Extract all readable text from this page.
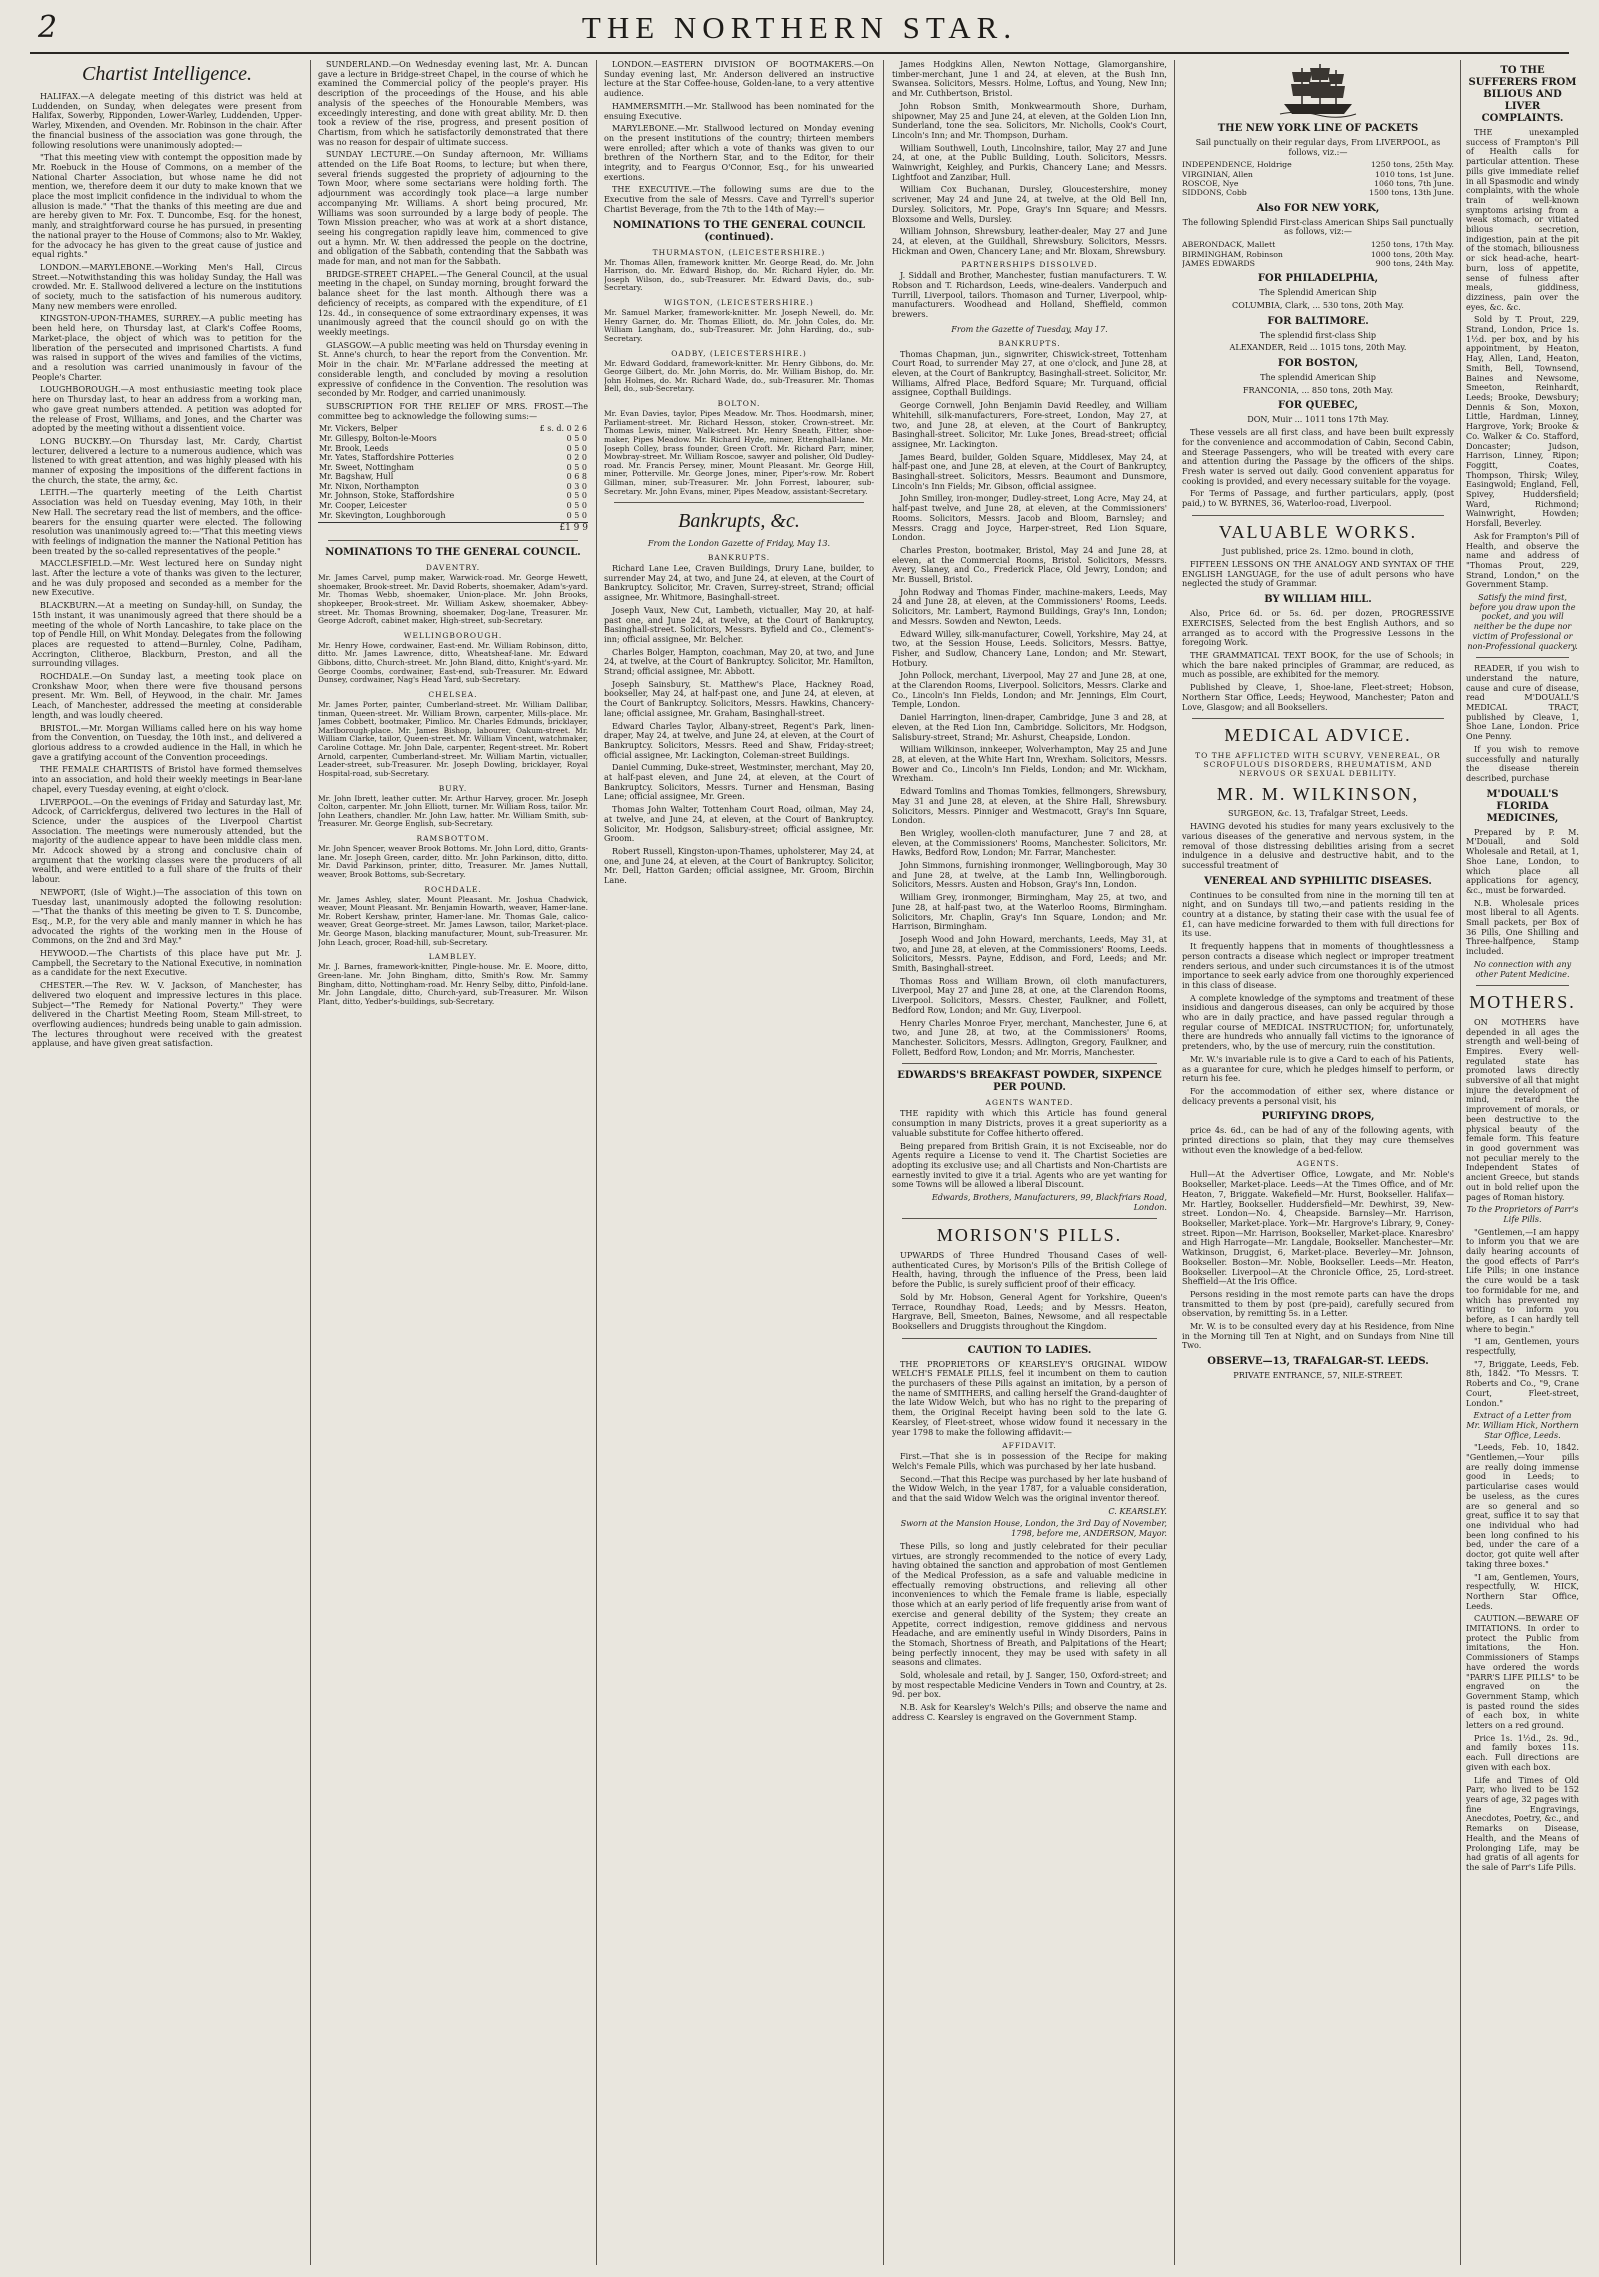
2	THE NORTHERN STAR.
Chartist Intelligence.

HALIFAX.—A delegate meeting of this district was held at Luddenden, on Sunday, when delegates were present from Halifax, Sowerby, Ripponden, Lower-Warley, Luddenden, Upper-Warley, Mixenden, and Ovenden. Mr. Robinson in the chair. After the financial business of the association was gone through, the following resolutions were unanimously adopted:—

"That this meeting view with contempt the opposition made by Mr. Roebuck in the House of Commons, on a member of the National Charter Association, but whose name he did not mention, we, therefore deem it our duty to make known that we place the most implicit confidence in the individual to whom the allusion is made." "That the thanks of this meeting are due and are hereby given to Mr. Fox. T. Duncombe, Esq. for the honest, manly, and straightforward course he has pursued, in presenting the national prayer to the House of Commons; also to Mr. Wakley, for the advocacy he has given to the great cause of justice and equal rights."

LONDON.—MARYLEBONE.—Working Men's Hall, Circus Street.—Notwithstanding this was holiday Sunday, the Hall was crowded. Mr. E. Stallwood delivered a lecture on the institutions of society, much to the satisfaction of his numerous auditory. Many new members were enrolled.

KINGSTON-UPON-THAMES, SURREY.—A public meeting has been held here, on Thursday last, at Clark's Coffee Rooms, Market-place, the object of which was to petition for the liberation of the persecuted and imprisoned Chartists. A fund was raised in support of the wives and families of the victims, and a resolution was carried unanimously in favour of the People's Charter.

LOUGHBOROUGH.—A most enthusiastic meeting took place here on Thursday last, to hear an address from a working man, who gave great numbers attended. A petition was adopted for the release of Frost, Williams, and Jones, and the Charter was adopted by the meeting without a dissentient voice.

LONG BUCKBY.—On Thursday last, Mr. Cardy, Chartist lecturer, delivered a lecture to a numerous audience, which was listened to with great attention, and was highly pleased with his manner of exposing the impositions of the different factions in the church, the state, the army, &c.

LEITH.—The quarterly meeting of the Leith Chartist Association was held on Tuesday evening, May 10th, in their New Hall. The secretary read the list of members, and the office-bearers for the ensuing quarter were elected. The following resolution was unanimously agreed to:—"That this meeting views with feelings of indignation the manner the National Petition has been treated by the so-called representatives of the people."

MACCLESFIELD.—Mr. West lectured here on Sunday night last. After the lecture a vote of thanks was given to the lecturer, and he was duly proposed and seconded as a member for the new Executive.

BLACKBURN.—At a meeting on Sunday-hill, on Sunday, the 15th instant, it was unanimously agreed that there should be a meeting of the whole of North Lancashire, to take place on the top of Pendle Hill, on Whit Monday. Delegates from the following places are requested to attend—Burnley, Colne, Padiham, Accrington, Clitheroe, Blackburn, Preston, and all the surrounding villages.

ROCHDALE.—On Sunday last, a meeting took place on Cronkshaw Moor, when there were five thousand persons present. Mr. Wm. Bell, of Heywood, in the chair. Mr. James Leach, of Manchester, addressed the meeting at considerable length, and was loudly cheered.

BRISTOL.—Mr. Morgan Williams called here on his way home from the Convention, on Tuesday, the 10th inst., and delivered a glorious address to a crowded audience in the Hall, in which he gave a gratifying account of the Convention proceedings.

THE FEMALE CHARTISTS of Bristol have formed themselves into an association, and hold their weekly meetings in Bear-lane chapel, every Tuesday evening, at eight o'clock.

LIVERPOOL.—On the evenings of Friday and Saturday last, Mr. Adcock, of Carrickfergus, delivered two lectures in the Hall of Science, under the auspices of the Liverpool Chartist Association. The meetings were numerously attended, but the majority of the audience appear to have been middle class men. Mr. Adcock showed by a strong and conclusive chain of argument that the working classes were the producers of all wealth, and were entitled to a full share of the fruits of their labour.

NEWPORT, (Isle of Wight.)—The association of this town on Tuesday last, unanimously adopted the following resolution:—"That the thanks of this meeting be given to T. S. Duncombe, Esq., M.P., for the very able and manly manner in which he has advocated the rights of the working men in the House of Commons, on the 2nd and 3rd May."

HEYWOOD.—The Chartists of this place have put Mr. J. Campbell, the Secretary to the National Executive, in nomination as a candidate for the next Executive.

CHESTER.—The Rev. W. V. Jackson, of Manchester, has delivered two eloquent and impressive lectures in this place. Subject—"The Remedy for National Poverty." They were delivered in the Chartist Meeting Room, Steam Mill-street, to overflowing audiences; hundreds being unable to gain admission. The lectures throughout were received with the greatest applause, and have given great satisfaction.

SUNDERLAND.—On Wednesday evening last, Mr. A. Duncan gave a lecture in Bridge-street Chapel, in the course of which he examined the Commercial policy of the people's prayer. His description of the proceedings of the House, and his able analysis of the speeches of the Honourable Members, was exceedingly interesting, and done with great ability. Mr. D. then took a review of the rise, progress, and present position of Chartism, from which he satisfactorily demonstrated that there was no reason for despair of ultimate success.

SUNDAY LECTURE.—On Sunday afternoon, Mr. Williams attended on the Life Boat Rooms, to lecture; but when there, several friends suggested the propriety of adjourning to the Town Moor, where some sectarians were holding forth. The adjournment was accordingly took place—a large number accompanying Mr. Williams. A short being procured, Mr. Williams was soon surrounded by a large body of people. The Town Mission preacher, who was at work at a short distance, seeing his congregation rapidly leave him, commenced to give out a hymn. Mr. W. then addressed the people on the doctrine, and obligation of the Sabbath, contending that the Sabbath was made for man, and not man for the Sabbath.

BRIDGE-STREET CHAPEL.—The General Council, at the usual meeting in the chapel, on Sunday morning, brought forward the balance sheet for the last month. Although there was a deficiency of receipts, as compared with the expenditure, of £1 12s. 4d., in consequence of some extraordinary expenses, it was unanimously agreed that the council should go on with the weekly meetings.

GLASGOW.—A public meeting was held on Thursday evening in St. Anne's church, to hear the report from the Convention. Mr. Moir in the chair. Mr. M'Farlane addressed the meeting at considerable length, and concluded by moving a resolution expressive of confidence in the Convention. The resolution was seconded by Mr. Rodger, and carried unanimously.

SUBSCRIPTION FOR THE RELIEF OF MRS. FROST.—The committee beg to acknowledge the following sums:—

Mr. Vickers, Belper	£ s. d. 0 2 6
Mr. Gillespy, Bolton-le-Moors	0 5 0
Mr. Brook, Leeds	0 5 0
Mr. Yates, Staffordshire Potteries	0 2 0
Mr. Sweet, Nottingham	0 5 0
Mr. Bagshaw, Hull	0 6 8
Mr. Nixon, Northampton	0 3 0
Mr. Johnson, Stoke, Staffordshire	0 5 0
Mr. Cooper, Leicester	0 5 0
Mr. Skevington, Loughborough	0 5 0
£1 9 9
NOMINATIONS TO THE GENERAL COUNCIL.
DAVENTRY.
Mr. James Carvel, pump maker, Warwick-road. Mr. George Hewett, shoemaker, Brook-street. Mr. David Roberts, shoemaker, Adam's-yard. Mr. Thomas Webb, shoemaker, Union-place. Mr. John Brooks, shopkeeper, Brook-street. Mr. William Askew, shoemaker, Abbey-street. Mr. Thomas Browning, shoemaker, Dog-lane, Treasurer. Mr. George Adcroft, cabinet maker, High-street, sub-Secretary.
WELLINGBOROUGH.
Mr. Henry Howe, cordwainer, East-end. Mr. William Robinson, ditto, ditto. Mr. James Lawrence, ditto, Wheatsheaf-lane. Mr. Edward Gibbons, ditto, Church-street. Mr. John Bland, ditto, Knight's-yard. Mr. George Coombs, cordwainer, East-end, sub-Treasurer. Mr. Edward Dunsey, cordwainer, Nag's Head Yard, sub-Secretary.
CHELSEA.
Mr. James Porter, painter, Cumberland-street. Mr. William Dallibar, tinman, Queen-street. Mr. William Brown, carpenter, Mills-place. Mr. James Cobbett, bootmaker, Pimlico. Mr. Charles Edmunds, bricklayer, Marlborough-place. Mr. James Bishop, labourer, Oakum-street. Mr. William Clarke, tailor, Queen-street. Mr. William Vincent, watchmaker, Caroline Cottage. Mr. John Dale, carpenter, Regent-street. Mr. Robert Arnold, carpenter, Cumberland-street. Mr. William Martin, victualler, Leader-street, sub-Treasurer. Mr. Joseph Dowling, bricklayer, Royal Hospital-road, sub-Secretary.
BURY.
Mr. John Ibrett, leather cutter. Mr. Arthur Harvey, grocer. Mr. Joseph Colton, carpenter. Mr. John Elliott, turner. Mr. William Ross, tailor. Mr. John Leathers, chandler. Mr. John Law, hatter. Mr. William Smith, sub-Treasurer. Mr. George English, sub-Secretary.
RAMSBOTTOM.
Mr. John Spencer, weaver Brook Bottoms. Mr. John Lord, ditto, Grants-lane. Mr. Joseph Green, carder, ditto. Mr. John Parkinson, ditto, ditto. Mr. David Parkinson, printer, ditto, Treasurer. Mr. James Nuttall, weaver, Brook Bottoms, sub-Secretary.
ROCHDALE.
Mr. James Ashley, slater, Mount Pleasant. Mr. Joshua Chadwick, weaver, Mount Pleasant. Mr. Benjamin Howarth, weaver, Hamer-lane. Mr. Robert Kershaw, printer, Hamer-lane. Mr. Thomas Gale, calico-weaver, Great George-street. Mr. James Lawson, tailor, Market-place. Mr. George Mason, blacking manufacturer, Mount, sub-Treasurer. Mr. John Leach, grocer, Road-hill, sub-Secretary.
LAMBLEY.
Mr. J. Barnes, framework-knitter, Pingle-house. Mr. E. Moore, ditto, Green-lane. Mr. John Bingham, ditto, Smith's Row. Mr. Sammy Bingham, ditto, Nottingham-road. Mr. Henry Selby, ditto, Pinfold-lane. Mr. John Langdale, ditto, Church-yard, sub-Treasurer. Mr. Wilson Plant, ditto, Yedber's-buildings, sub-Secretary.

LONDON.—EASTERN DIVISION OF BOOTMAKERS.—On Sunday evening last, Mr. Anderson delivered an instructive lecture at the Star Coffee-house, Golden-lane, to a very attentive audience.

HAMMERSMITH.—Mr. Stallwood has been nominated for the ensuing Executive.

MARYLEBONE.—Mr. Stallwood lectured on Monday evening on the present institutions of the country; thirteen members were enrolled; after which a vote of thanks was given to our brethren of the Northern Star, and to the Editor, for their integrity, and to Feargus O'Connor, Esq., for his unwearied exertions.

THE EXECUTIVE.—The following sums are due to the Executive from the sale of Messrs. Cave and Tyrrell's superior Chartist Beverage, from the 7th to the 14th of May:—

NOMINATIONS TO THE GENERAL COUNCIL (continued).
THURMASTON, (LEICESTERSHIRE.)
Mr. Thomas Allen, framework knitter. Mr. George Read, do. Mr. John Harrison, do. Mr. Edward Bishop, do. Mr. Richard Hyler, do. Mr. Joseph Wilson, do., sub-Treasurer. Mr. Edward Davis, do., sub-Secretary.
WIGSTON, (LEICESTERSHIRE.)
Mr. Samuel Marker, framework-knitter. Mr. Joseph Newell, do. Mr. Henry Garner, do. Mr. Thomas Elliott, do. Mr. John Coles, do. Mr. William Langham, do., sub-Treasurer. Mr. John Harding, do., sub-Secretary.
OADBY, (LEICESTERSHIRE.)
Mr. Edward Goddard, framework-knitter. Mr. Henry Gibbons, do. Mr. George Gilbert, do. Mr. John Morris, do. Mr. William Bishop, do. Mr. John Holmes, do. Mr. Richard Wade, do., sub-Treasurer. Mr. Thomas Bell, do., sub-Secretary.
BOLTON.
Mr. Evan Davies, taylor, Pipes Meadow. Mr. Thos. Hoodmarsh, miner, Parliament-street. Mr. Richard Hesson, stoker, Crown-street. Mr. Thomas Lewis, miner, Walk-street. Mr. Henry Sneath, Fitter, shoe-maker, Pipes Meadow. Mr. Richard Hyde, miner, Ettenghall-lane. Mr. Joseph Colley, brass founder, Green Croft. Mr. Richard Parr, miner, Mowbray-street. Mr. William Roscoe, sawyer and polisher, Old Dudley-road. Mr. Francis Persey, miner, Mount Pleasant. Mr. George Hill, miner, Potterville. Mr. George Jones, miner, Piper's-row. Mr. Robert Gillman, miner, sub-Treasurer. Mr. John Forrest, labourer, sub-Secretary. Mr. John Evans, miner, Pipes Meadow, assistant-Secretary.
Bankrupts, &c.
From the London Gazette of Friday, May 13.
BANKRUPTS.

Richard Lane Lee, Craven Buildings, Drury Lane, builder, to surrender May 24, at two, and June 24, at eleven, at the Court of Bankruptcy. Solicitor, Mr. Craven, Surrey-street, Strand; official assignee, Mr. Whitmore, Basinghall-street.

Joseph Vaux, New Cut, Lambeth, victualler, May 20, at half-past one, and June 24, at twelve, at the Court of Bankruptcy, Basinghall-street. Solicitors, Messrs. Byfield and Co., Clement's-inn; official assignee, Mr. Belcher.

Charles Bolger, Hampton, coachman, May 20, at two, and June 24, at twelve, at the Court of Bankruptcy. Solicitor, Mr. Hamilton, Strand; official assignee, Mr. Abbott.

Joseph Sainsbury, St. Matthew's Place, Hackney Road, bookseller, May 24, at half-past one, and June 24, at eleven, at the Court of Bankruptcy. Solicitors, Messrs. Hawkins, Chancery-lane; official assignee, Mr. Graham, Basinghall-street.

Edward Charles Taylor, Albany-street, Regent's Park, linen-draper, May 24, at twelve, and June 24, at eleven, at the Court of Bankruptcy. Solicitors, Messrs. Reed and Shaw, Friday-street; official assignee, Mr. Lackington, Coleman-street Buildings.

Daniel Cumming, Duke-street, Westminster, merchant, May 20, at half-past eleven, and June 24, at eleven, at the Court of Bankruptcy. Solicitors, Messrs. Turner and Hensman, Basing Lane; official assignee, Mr. Green.

Thomas John Walter, Tottenham Court Road, oilman, May 24, at twelve, and June 24, at eleven, at the Court of Bankruptcy. Solicitor, Mr. Hodgson, Salisbury-street; official assignee, Mr. Groom.

Robert Russell, Kingston-upon-Thames, upholsterer, May 24, at one, and June 24, at eleven, at the Court of Bankruptcy. Solicitor, Mr. Dell, Hatton Garden; official assignee, Mr. Groom, Birchin Lane.

James Hodgkins Allen, Newton Nottage, Glamorganshire, timber-merchant, June 1 and 24, at eleven, at the Bush Inn, Swansea. Solicitors, Messrs. Holme, Loftus, and Young, New Inn; and Mr. Cuthbertson, Bristol.

John Robson Smith, Monkwearmouth Shore, Durham, shipowner, May 25 and June 24, at eleven, at the Golden Lion Inn, Sunderland, tone the sea. Solicitors, Mr. Nicholls, Cook's Court, Lincoln's Inn; and Mr. Thompson, Durham.

William Southwell, Louth, Lincolnshire, tailor, May 27 and June 24, at one, at the Public Building, Louth. Solicitors, Messrs. Wainwright, Keighley, and Purkis, Chancery Lane; and Messrs. Lightfoot and Zanzibar, Hull.

William Cox Buchanan, Dursley, Gloucestershire, money scrivener, May 24 and June 24, at twelve, at the Old Bell Inn, Dursley. Solicitors, Mr. Pope, Gray's Inn Square; and Messrs. Bloxsome and Wells, Dursley.

William Johnson, Shrewsbury, leather-dealer, May 27 and June 24, at eleven, at the Guildhall, Shrewsbury. Solicitors, Messrs. Hickman and Owen, Chancery Lane; and Mr. Bloxam, Shrewsbury.

PARTNERSHIPS DISSOLVED.

J. Siddall and Brother, Manchester, fustian manufacturers. T. W. Robson and T. Richardson, Leeds, wine-dealers. Vanderpuch and Turrill, Liverpool, tailors. Thomason and Turner, Liverpool, whip-manufacturers. Woodhead and Holland, Sheffield, common brewers.

From the Gazette of Tuesday, May 17.
BANKRUPTS.

Thomas Chapman, jun., signwriter, Chiswick-street, Tottenham Court Road, to surrender May 27, at one o'clock, and June 28, at eleven, at the Court of Bankruptcy, Basinghall-street. Solicitor, Mr. Williams, Alfred Place, Bedford Square; Mr. Turquand, official assignee, Copthall Buildings.

George Cornwell, John Benjamin David Reedley, and William Whitehill, silk-manufacturers, Fore-street, London, May 27, at two, and June 28, at eleven, at the Court of Bankruptcy, Basinghall-street. Solicitor, Mr. Luke Jones, Bread-street; official assignee, Mr. Lackington.

James Beard, builder, Golden Square, Middlesex, May 24, at half-past one, and June 28, at eleven, at the Court of Bankruptcy, Basinghall-street. Solicitors, Messrs. Beaumont and Dunsmore, Lincoln's Inn Fields; Mr. Gibson, official assignee.

John Smilley, iron-monger, Dudley-street, Long Acre, May 24, at half-past twelve, and June 28, at eleven, at the Commissioners' Rooms. Solicitors, Messrs. Jacob and Bloom, Barnsley; and Messrs. Cragg and Joyce, Harper-street, Red Lion Square, London.

Charles Preston, bootmaker, Bristol, May 24 and June 28, at eleven, at the Commercial Rooms, Bristol. Solicitors, Messrs. Avery, Slaney, and Co., Frederick Place, Old Jewry, London; and Mr. Bussell, Bristol.

John Rodway and Thomas Finder, machine-makers, Leeds, May 24 and June 28, at eleven, at the Commissioners' Rooms, Leeds. Solicitors, Mr. Lambert, Raymond Buildings, Gray's Inn, London; and Messrs. Sowden and Newton, Leeds.

Edward Willey, silk-manufacturer, Cowell, Yorkshire, May 24, at two, at the Session House, Leeds. Solicitors, Messrs. Battye, Fisher, and Sudlow, Chancery Lane, London; and Mr. Stewart, Hotbury.

John Pollock, merchant, Liverpool, May 27 and June 28, at one, at the Clarendon Rooms, Liverpool. Solicitors, Messrs. Clarke and Co., Lincoln's Inn Fields, London; and Mr. Jennings, Elm Court, Temple, London.

Daniel Harrington, linen-draper, Cambridge, June 3 and 28, at eleven, at the Red Lion Inn, Cambridge. Solicitors, Mr. Hodgson, Salisbury-street, Strand; Mr. Ashurst, Cheapside, London.

William Wilkinson, innkeeper, Wolverhampton, May 25 and June 28, at eleven, at the White Hart Inn, Wrexham. Solicitors, Messrs. Bower and Co., Lincoln's Inn Fields, London; and Mr. Wickham, Wrexham.

Edward Tomlins and Thomas Tomkies, fellmongers, Shrewsbury, May 31 and June 28, at eleven, at the Shire Hall, Shrewsbury. Solicitors, Messrs. Pinniger and Westmacott, Gray's Inn Square, London.

Ben Wrigley, woollen-cloth manufacturer, June 7 and 28, at eleven, at the Commissioners' Rooms, Manchester. Solicitors, Mr. Hawks, Bedford Row, London; Mr. Farrar, Manchester.

John Simmons, furnishing ironmonger, Wellingborough, May 30 and June 28, at twelve, at the Lamb Inn, Wellingborough. Solicitors, Messrs. Austen and Hobson, Gray's Inn, London.

William Grey, ironmonger, Birmingham, May 25, at two, and June 28, at half-past two, at the Waterloo Rooms, Birmingham. Solicitors, Mr. Chaplin, Gray's Inn Square, London; and Mr. Harrison, Birmingham.

Joseph Wood and John Howard, merchants, Leeds, May 31, at two, and June 28, at eleven, at the Commissioners' Rooms, Leeds. Solicitors, Messrs. Payne, Eddison, and Ford, Leeds; and Mr. Smith, Basinghall-street.

Thomas Ross and William Brown, oil cloth manufacturers, Liverpool, May 27 and June 28, at one, at the Clarendon Rooms, Liverpool. Solicitors, Messrs. Chester, Faulkner, and Follett, Bedford Row, London; and Mr. Guy, Liverpool.

Henry Charles Monroe Fryer, merchant, Manchester, June 6, at two, and June 28, at two, at the Commissioners' Rooms, Manchester. Solicitors, Messrs. Adlington, Gregory, Faulkner, and Follett, Bedford Row, London; and Mr. Morris, Manchester.

EDWARDS'S BREAKFAST POWDER, SIXPENCE PER POUND.
AGENTS WANTED.

THE rapidity with which this Article has found general consumption in many Districts, proves it a great superiority as a valuable substitute for Coffee hitherto offered.

Being prepared from British Grain, it is not Exciseable, nor do Agents require a License to vend it. The Chartist Societies are adopting its exclusive use; and all Chartists and Non-Chartists are earnestly invited to give it a trial. Agents who are yet wanting for some Towns will be allowed a liberal Discount.

Edwards, Brothers, Manufacturers, 99, Blackfriars Road, London.

MORISON'S PILLS.

UPWARDS of Three Hundred Thousand Cases of well-authenticated Cures, by Morison's Pills of the British College of Health, having, through the influence of the Press, been laid before the Public, is surely sufficient proof of their efficacy.

Sold by Mr. Hobson, General Agent for Yorkshire, Queen's Terrace, Roundhay Road, Leeds; and by Messrs. Heaton, Hargrave, Bell, Smeeton, Baines, Newsome, and all respectable Booksellers and Druggists throughout the Kingdom.

CAUTION TO LADIES.

THE PROPRIETORS OF KEARSLEY'S ORIGINAL WIDOW WELCH'S FEMALE PILLS, feel it incumbent on them to caution the purchasers of these Pills against an imitation, by a person of the name of SMITHERS, and calling herself the Grand-daughter of the late Widow Welch, but who has no right to the preparing of them, the Original Receipt having been sold to the late G. Kearsley, of Fleet-street, whose widow found it necessary in the year 1798 to make the following affidavit:—

AFFIDAVIT.

First.—That she is in possession of the Recipe for making Welch's Female Pills, which was purchased by her late husband.

Second.—That this Recipe was purchased by her late husband of the Widow Welch, in the year 1787, for a valuable consideration, and that the said Widow Welch was the original inventor thereof.

C. KEARSLEY.

Sworn at the Mansion House, London, the 3rd Day of November, 1798, before me, ANDERSON, Mayor.

These Pills, so long and justly celebrated for their peculiar virtues, are strongly recommended to the notice of every Lady, having obtained the sanction and approbation of most Gentlemen of the Medical Profession, as a safe and valuable medicine in effectually removing obstructions, and relieving all other inconveniences to which the Female frame is liable, especially those which at an early period of life frequently arise from want of exercise and general debility of the System; they create an Appetite, correct indigestion, remove giddiness and nervous Headache, and are eminently useful in Windy Disorders, Pains in the Stomach, Shortness of Breath, and Palpitations of the Heart; being perfectly innocent, they may be used with safety in all seasons and climates.

Sold, wholesale and retail, by J. Sanger, 150, Oxford-street; and by most respectable Medicine Venders in Town and Country, at 2s. 9d. per box.

N.B. Ask for Kearsley's Welch's Pills; and observe the name and address C. Kearsley is engraved on the Government Stamp.

THE NEW YORK LINE OF PACKETS

Sail punctually on their regular days, From LIVERPOOL, as follows, viz.:—

INDEPENDENCE, Holdrige	1250 tons, 25th May.
VIRGINIAN, Allen	1010 tons, 1st June.
ROSCOE, Nye	1060 tons, 7th June.
SIDDONS, Cobb	1500 tons, 13th June.
Also FOR NEW YORK,

The following Splendid First-class American Ships Sail punctually as follows, viz:—

ABERONDACK, Mallett	1250 tons, 17th May.
BIRMINGHAM, Robinson	1000 tons, 20th May.
JAMES EDWARDS	900 tons, 24th May.
FOR PHILADELPHIA,

The Splendid American Ship

COLUMBIA, Clark, ... 530 tons, 20th May.

FOR BALTIMORE.

The splendid first-class Ship

ALEXANDER, Reid ... 1015 tons, 20th May.

FOR BOSTON,

The splendid American Ship

FRANCONIA, ... 850 tons, 20th May.

FOR QUEBEC,

DON, Muir ... 1011 tons 17th May.

These vessels are all first class, and have been built expressly for the convenience and accommodation of Cabin, Second Cabin, and Steerage Passengers, who will be treated with every care and attention during the Passage by the officers of the ships. Fresh water is served out daily. Good convenient apparatus for cooking is provided, and every necessary suitable for the voyage.

For Terms of Passage, and further particulars, apply, (post paid,) to W. BYRNES, 36, Waterloo-road, Liverpool.

VALUABLE WORKS.

Just published, price 2s. 12mo. bound in cloth,

FIFTEEN LESSONS ON THE ANALOGY AND SYNTAX OF THE ENGLISH LANGUAGE, for the use of adult persons who have neglected the study of Grammar.

BY WILLIAM HILL.

Also, Price 6d. or 5s. 6d. per dozen, PROGRESSIVE EXERCISES, Selected from the best English Authors, and so arranged as to accord with the Progressive Lessons in the foregoing Work.

THE GRAMMATICAL TEXT BOOK, for the use of Schools; in which the bare naked principles of Grammar, are reduced, as much as possible, are exhibited for the memory.

Published by Cleave, 1, Shoe-lane, Fleet-street; Hobson, Northern Star Office, Leeds; Heywood, Manchester; Paton and Love, Glasgow; and all Booksellers.

MEDICAL ADVICE.
TO THE AFFLICTED WITH SCURVY, VENEREAL, OR SCROFULOUS DISORDERS, RHEUMATISM, AND NERVOUS OR SEXUAL DEBILITY.
MR. M. WILKINSON,

SURGEON, &c. 13, Trafalgar Street, Leeds.

HAVING devoted his studies for many years exclusively to the various diseases of the generative and nervous system, in the removal of those distressing debilities arising from a secret indulgence in a delusive and destructive habit, and to the successful treatment of

VENEREAL AND SYPHILITIC DISEASES.

Continues to be consulted from nine in the morning till ten at night, and on Sundays till two,—and patients residing in the country at a distance, by stating their case with the usual fee of £1, can have medicine forwarded to them with full directions for its use.

It frequently happens that in moments of thoughtlessness a person contracts a disease which neglect or improper treatment renders serious, and under such circumstances it is of the utmost importance to seek early advice from one thoroughly experienced in this class of disease.

A complete knowledge of the symptoms and treatment of these insidious and dangerous diseases, can only be acquired by those who are in daily practice, and have passed regular through a regular course of MEDICAL INSTRUCTION; for, unfortunately, there are hundreds who annually fall victims to the ignorance of pretenders, who, by the use of mercury, ruin the constitution.

Mr. W.'s invariable rule is to give a Card to each of his Patients, as a guarantee for cure, which he pledges himself to perform, or return his fee.

For the accommodation of either sex, where distance or delicacy prevents a personal visit, his

PURIFYING DROPS,

price 4s. 6d., can be had of any of the following agents, with printed directions so plain, that they may cure themselves without even the knowledge of a bed-fellow.

AGENTS.

Hull—At the Advertiser Office, Lowgate, and Mr. Noble's Bookseller, Market-place. Leeds—At the Times Office, and of Mr. Heaton, 7, Briggate. Wakefield—Mr. Hurst, Bookseller. Halifax—Mr. Hartley, Bookseller. Huddersfield—Mr. Dewhirst, 39, New-street. London—No. 4, Cheapside. Barnsley—Mr. Harrison, Bookseller, Market-place. York—Mr. Hargrove's Library, 9, Coney-street. Ripon—Mr. Harrison, Bookseller, Market-place. Knaresbro' and High Harrogate—Mr. Langdale, Bookseller. Manchester—Mr. Watkinson, Druggist, 6, Market-place. Beverley—Mr. Johnson, Bookseller. Boston—Mr. Noble, Bookseller. Leeds—Mr. Heaton, Bookseller. Liverpool—At the Chronicle Office, 25, Lord-street. Sheffield—At the Iris Office.

Persons residing in the most remote parts can have the drops transmitted to them by post (pre-paid), carefully secured from observation, by remitting 5s. in a Letter.

Mr. W. is to be consulted every day at his Residence, from Nine in the Morning till Ten at Night, and on Sundays from Nine till Two.

OBSERVE—13, TRAFALGAR-ST. LEEDS.

PRIVATE ENTRANCE, 57, NILE-STREET.

TO THE SUFFERERS FROM BILIOUS AND LIVER COMPLAINTS.

THE unexampled success of Frampton's Pill of Health calls for particular attention. These pills give immediate relief in all Spasmodic and windy complaints, with the whole train of well-known symptoms arising from a weak stomach, or vitiated bilious secretion, indigestion, pain at the pit of the stomach, biliousness or sick head-ache, heart-burn, loss of appetite, sense of fulness after meals, giddiness, dizziness, pain over the eyes, &c. &c.

Sold by T. Prout, 229, Strand, London, Price 1s. 1½d. per box, and by his appointment, by Heaton, Hay, Allen, Land, Heaton, Smith, Bell, Townsend, Baines and Newsome, Smeeton, Reinhardt, Leeds; Brooke, Dewsbury; Dennis & Son, Moxon, Little, Hardman, Linney, Hargrove, York; Brooke & Co. Walker & Co. Stafford, Doncaster; Judson, Harrison, Linney, Ripon; Foggitt, Coates, Thompson, Thirsk; Wiley, Easingwold; England, Fell, Spivey, Huddersfield; Ward, Richmond; Wainwright, Howden; Horsfall, Beverley.

Ask for Frampton's Pill of Health, and observe the name and address of "Thomas Prout, 229, Strand, London," on the Government Stamp.

Satisfy the mind first, before you draw upon the pocket, and you will neither be the dupe nor victim of Professional or non-Professional quackery.

READER, if you wish to understand the nature, cause and cure of disease, read M'DOUALL'S MEDICAL TRACT, published by Cleave, 1, Shoe Lane, London. Price One Penny.

If you wish to remove successfully and naturally the disease therein described, purchase

M'DOUALL'S FLORIDA MEDICINES,

Prepared by P. M. M'Douall, and Sold Wholesale and Retail, at 1, Shoe Lane, London, to which place all applications for agency, &c., must be forwarded.

N.B. Wholesale prices most liberal to all Agents. Small packets, per Box of 36 Pills, One Shilling and Three-halfpence, Stamp included.

No connection with any other Patent Medicine.

MOTHERS.

ON MOTHERS have depended in all ages the strength and well-being of Empires. Every well-regulated state has promoted laws directly subversive of all that might injure the development of mind, retard the improvement of morals, or been destructive to the physical beauty of the female form. This feature in good government was not peculiar merely to the Independent States of ancient Greece, but stands out in bold relief upon the pages of Roman history.

To the Proprietors of Parr's Life Pills.

"Gentlemen,—I am happy to inform you that we are daily hearing accounts of the good effects of Parr's Life Pills; in one instance the cure would be a task too formidable for me, and which has prevented my writing to inform you before, as I can hardly tell where to begin."

"I am, Gentlemen, yours respectfully,

"7, Briggate, Leeds, Feb. 8th, 1842. "To Messrs. T. Roberts and Co., "9, Crane Court, Fleet-street, London."

Extract of a Letter from Mr. William Hick, Northern Star Office, Leeds.

"Leeds, Feb. 10, 1842. "Gentlemen,—Your pills are really doing immense good in Leeds; to particularise cases would be useless, as the cures are so general and so great, suffice it to say that one individual who had been long confined to his bed, under the care of a doctor, got quite well after taking three boxes."

"I am, Gentlemen, Yours, respectfully, W. HICK, Northern Star Office, Leeds.

CAUTION.—BEWARE OF IMITATIONS. In order to protect the Public from imitations, the Hon. Commissioners of Stamps have ordered the words "PARR'S LIFE PILLS" to be engraved on the Government Stamp, which is pasted round the sides of each box, in white letters on a red ground.

Price 1s. 1½d., 2s. 9d., and family boxes 11s. each. Full directions are given with each box.

Life and Times of Old Parr, who lived to be 152 years of age, 32 pages with fine Engravings, Anecdotes, Poetry, &c., and Remarks on Disease, Health, and the Means of Prolonging Life, may be had gratis of all agents for the sale of Parr's Life Pills.
